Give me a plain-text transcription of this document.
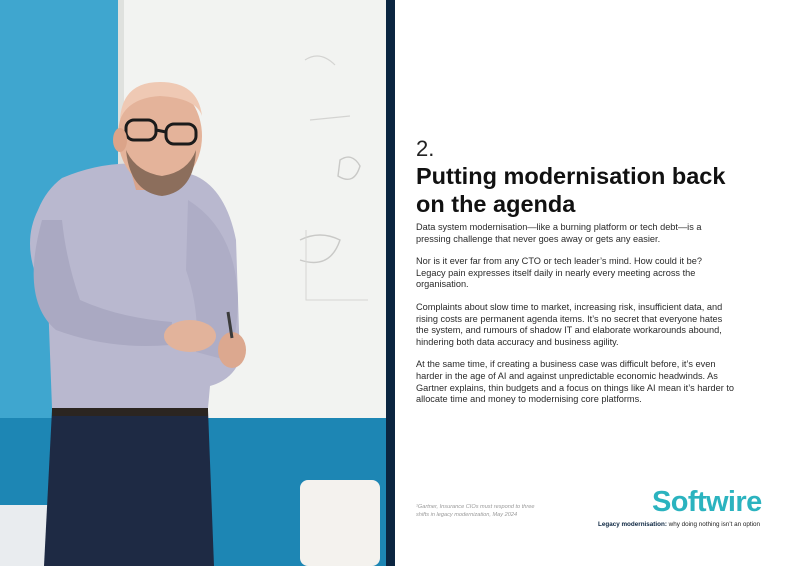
2.
Putting modernisation back on the agenda

Data system modernisation—like a burning platform or tech debt—is a pressing challenge that never goes away or gets any easier.

Nor is it ever far from any CTO or tech leader’s mind. How could it be? Legacy pain expresses itself daily in nearly every meeting across the organisation.

Complaints about slow time to market, increasing risk, insufficient data, and rising costs are permanent agenda items. It’s no secret that everyone hates the system, and rumours of shadow IT and elaborate workarounds abound, hindering both data accuracy and business agility.

At the same time, if creating a business case was difficult before, it’s even harder in the age of AI and against unpredictable economic headwinds. As Gartner explains, thin budgets and a focus on things like AI mean it’s harder to allocate time and money to modernising core platforms.

¹Gartner, Insurance CIOs must respond to three shifts in legacy modernization, May 2024	Softwire
Legacy modernisation: why doing nothing isn’t an option
